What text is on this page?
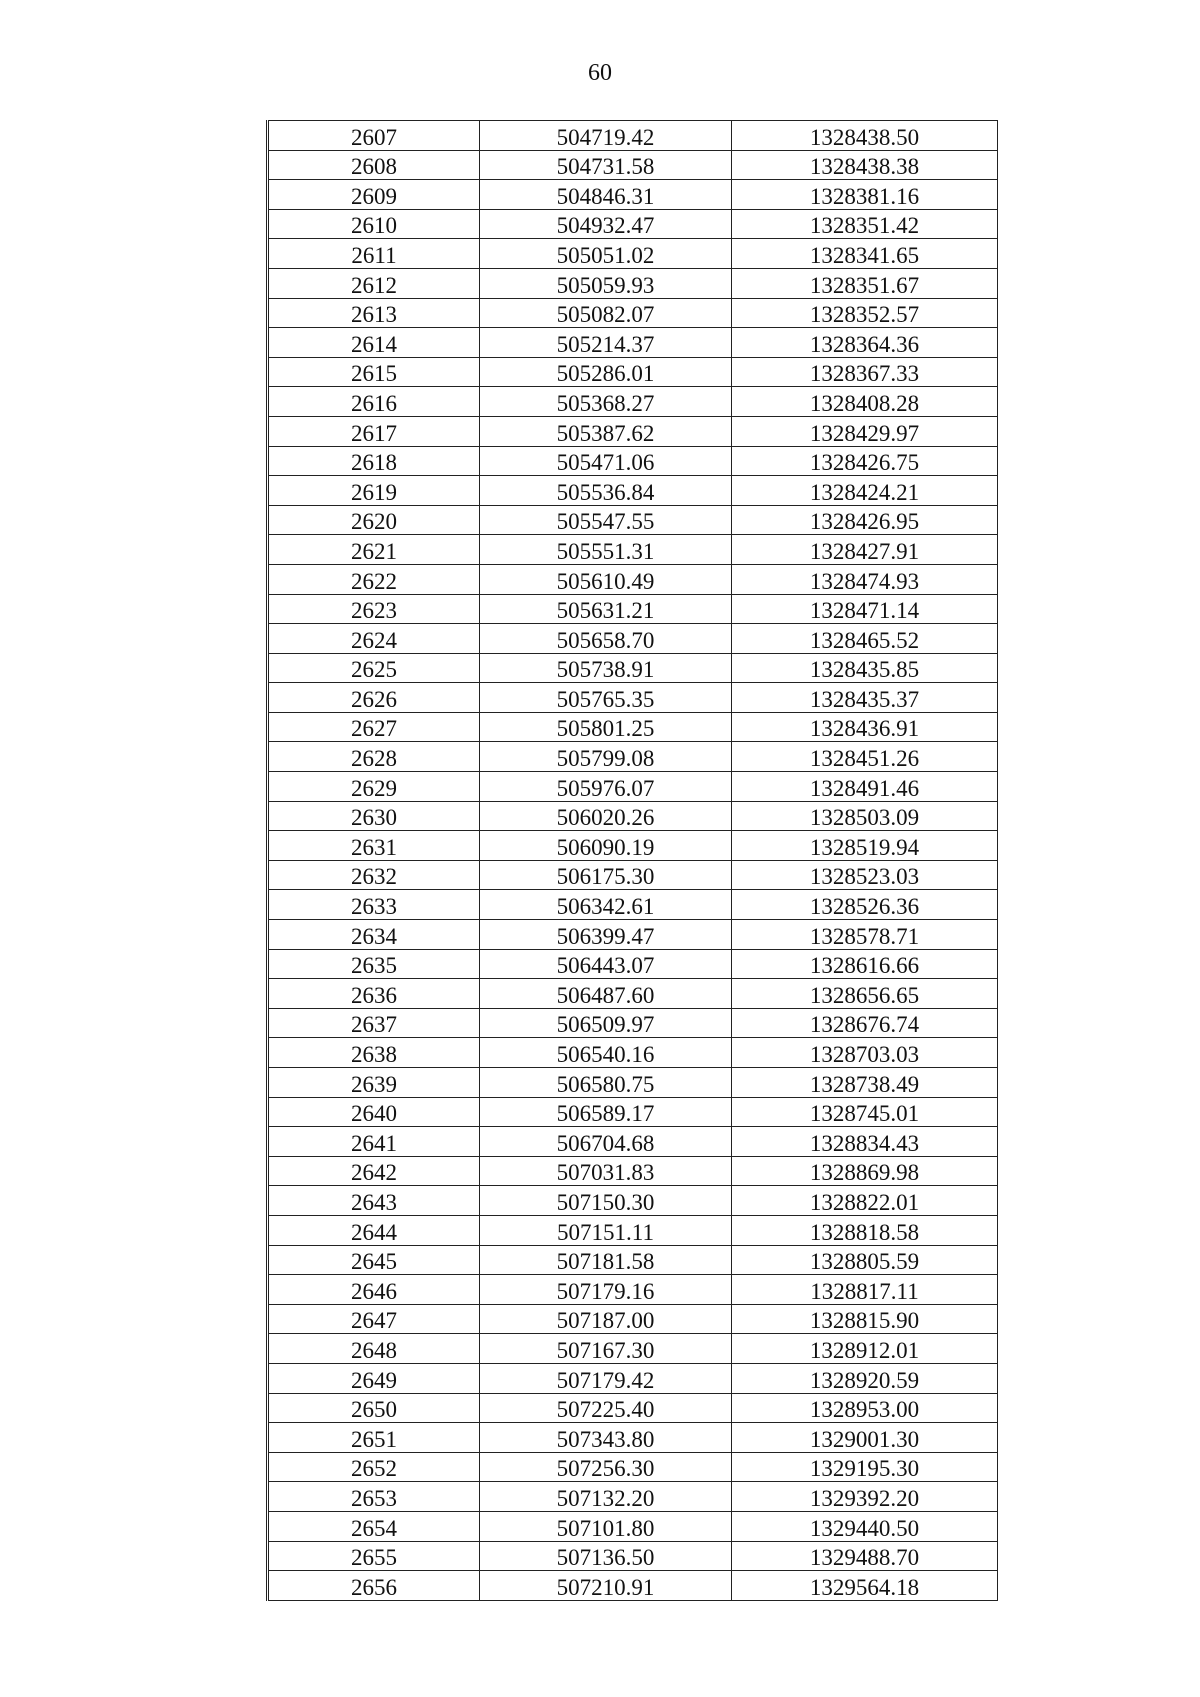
60
2607	504719.42	1328438.50
2608	504731.58	1328438.38
2609	504846.31	1328381.16
2610	504932.47	1328351.42
2611	505051.02	1328341.65
2612	505059.93	1328351.67
2613	505082.07	1328352.57
2614	505214.37	1328364.36
2615	505286.01	1328367.33
2616	505368.27	1328408.28
2617	505387.62	1328429.97
2618	505471.06	1328426.75
2619	505536.84	1328424.21
2620	505547.55	1328426.95
2621	505551.31	1328427.91
2622	505610.49	1328474.93
2623	505631.21	1328471.14
2624	505658.70	1328465.52
2625	505738.91	1328435.85
2626	505765.35	1328435.37
2627	505801.25	1328436.91
2628	505799.08	1328451.26
2629	505976.07	1328491.46
2630	506020.26	1328503.09
2631	506090.19	1328519.94
2632	506175.30	1328523.03
2633	506342.61	1328526.36
2634	506399.47	1328578.71
2635	506443.07	1328616.66
2636	506487.60	1328656.65
2637	506509.97	1328676.74
2638	506540.16	1328703.03
2639	506580.75	1328738.49
2640	506589.17	1328745.01
2641	506704.68	1328834.43
2642	507031.83	1328869.98
2643	507150.30	1328822.01
2644	507151.11	1328818.58
2645	507181.58	1328805.59
2646	507179.16	1328817.11
2647	507187.00	1328815.90
2648	507167.30	1328912.01
2649	507179.42	1328920.59
2650	507225.40	1328953.00
2651	507343.80	1329001.30
2652	507256.30	1329195.30
2653	507132.20	1329392.20
2654	507101.80	1329440.50
2655	507136.50	1329488.70
2656	507210.91	1329564.18
